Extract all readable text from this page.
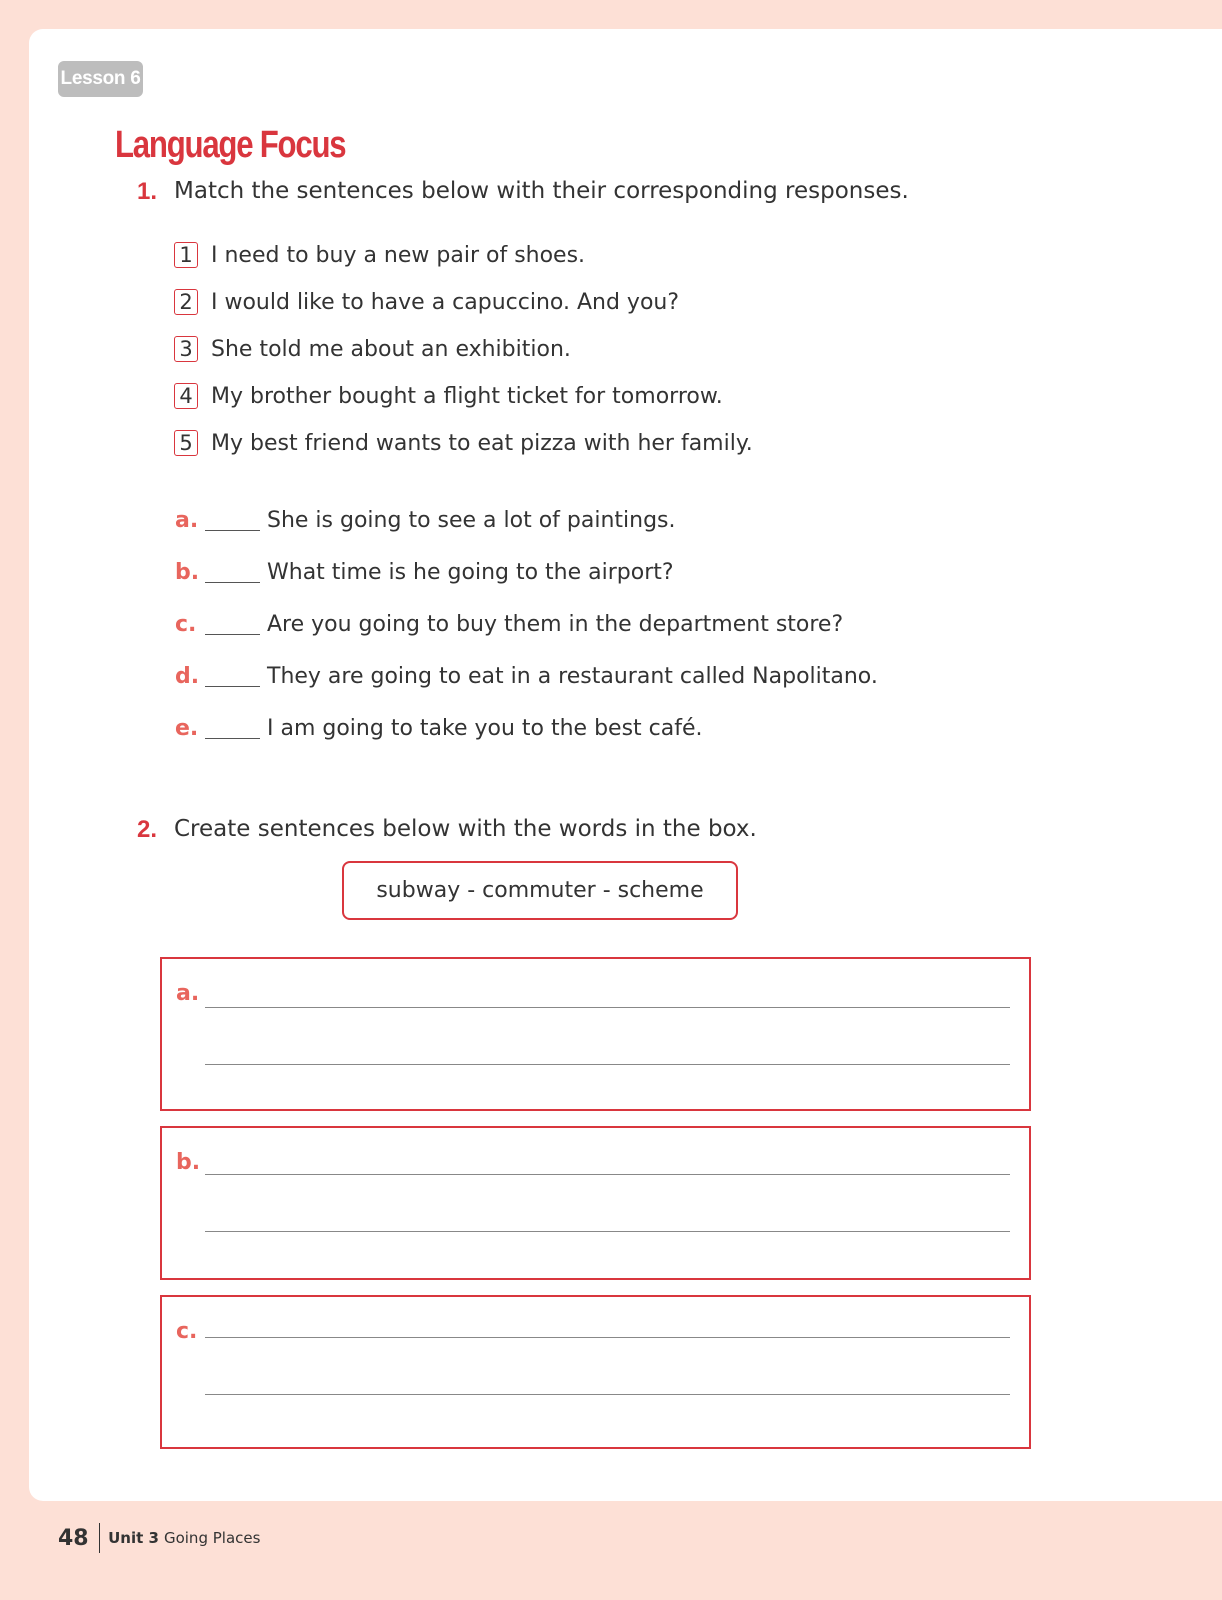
Lesson 6
Language Focus
1. Match the sentences below with their corresponding responses.
1 I need to buy a new pair of shoes.
2 I would like to have a capuccino. And you?
3 She told me about an exhibition.
4 My brother bought a flight ticket for tomorrow.
5 My best friend wants to eat pizza with her family.
a.	She is going to see a lot of paintings.
b.	What time is he going to the airport?
c.	Are you going to buy them in the department store?
d.	They are going to eat in a restaurant called Napolitano.
e.	I am going to take you to the best café.
2. Create sentences below with the words in the box.
subway - commuter - scheme
a.
b.
c.
48	Unit 3 Going Places
